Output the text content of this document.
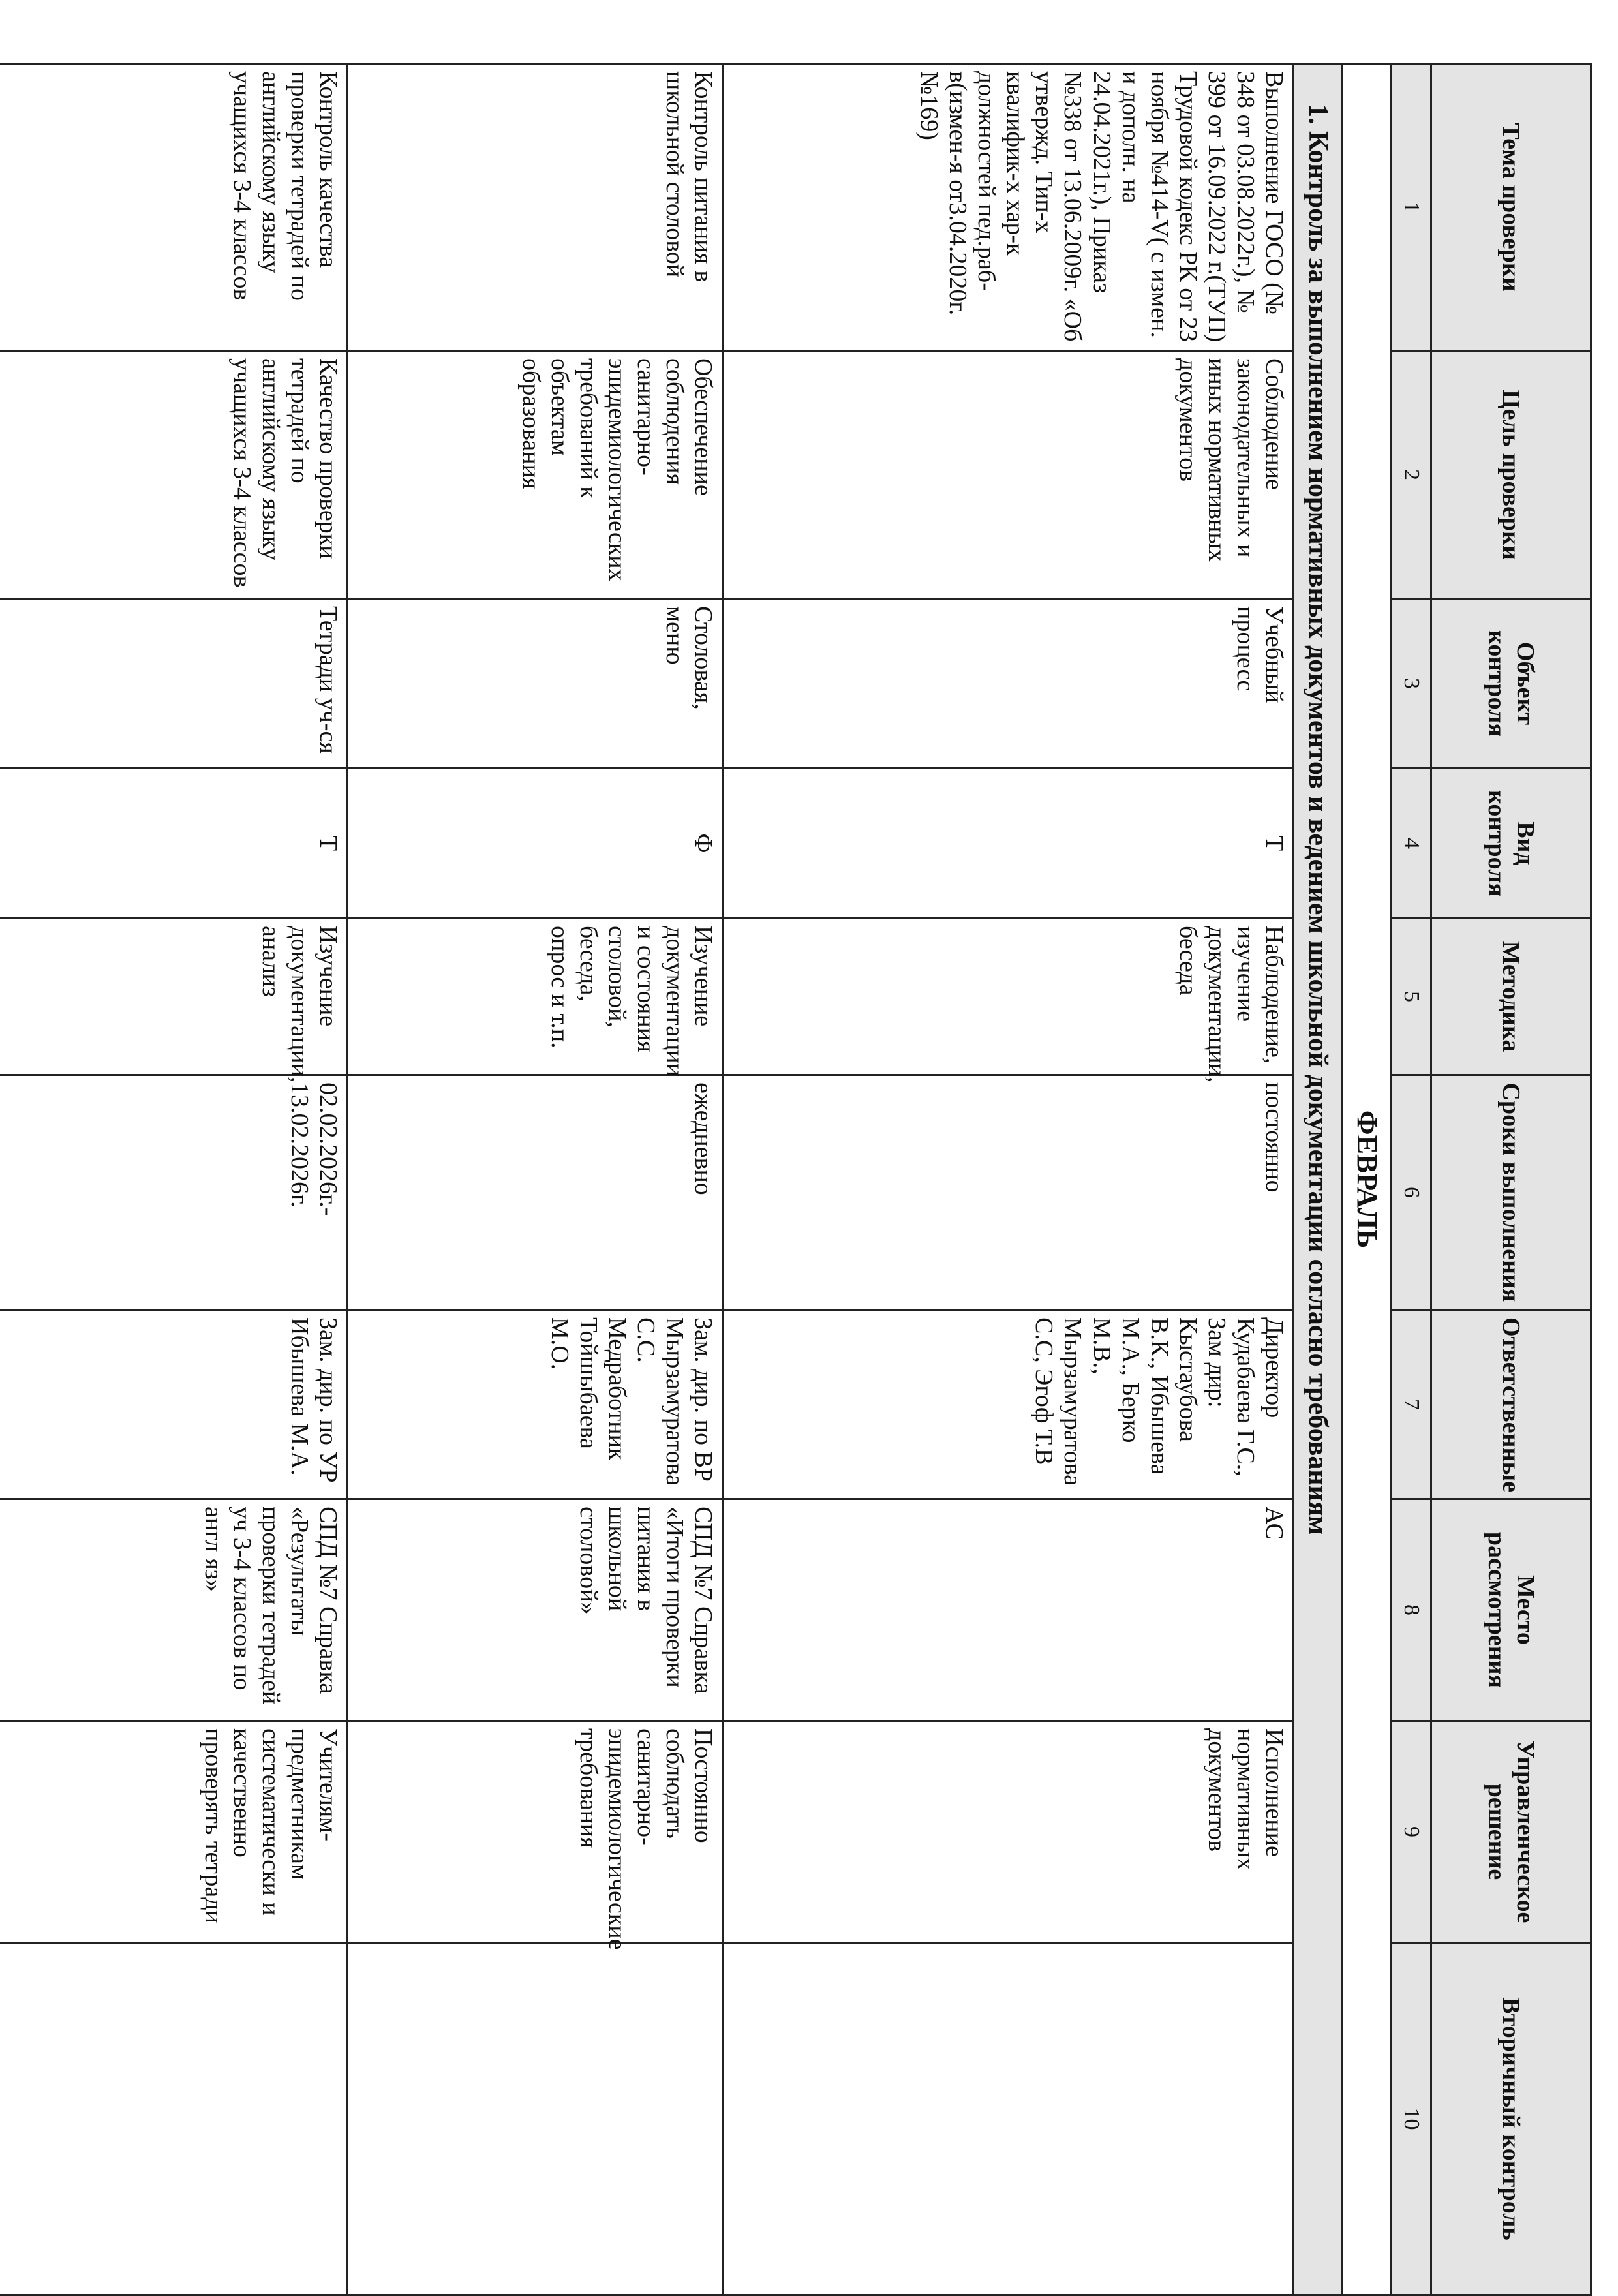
Тема проверки	Цель проверки	Объект контроля	Вид контроля	Методика	Сроки выполнения	Ответственные	Место рассмотрения	Управленческое решение	Вторичный контроль
1	2	3	4	5	6	7	8	9	10
ФЕВРАЛЬ									
1. Контроль за выполнением нормативных документов и ведением школьной документации согласно требованиям									
Выполнение ГОСО (№ 348 от 03.08.2022г.), № 399 от 16.09.2022 г.(ТУП) Трудовой кодекс РК от 23 ноября №414-V( с измен. и дополн. на 24.04.2021г.), Приказ №338 от 13.06.2009г. «Об утвержд. Тип-х квалифик-х хар-к должностей пед.раб-в(измен-я от3.04.2020г.№169)	Соблюдение законодательных и иных нормативных документов	Учебный процесс	Т	Наблюдение, изучение документации, беседа	постоянно	Директор Кудабаева Г.С., Зам дир: Кыстаубова В.К., Ибышева М.А., Берко М.В., Мырзамуратова С.С, Эгоф Т.В	АС	Исполнение нормативных документов	
Контроль питания в школьной столовой	Обеспечение соблюдения санитарно-эпидемиологических требований к объектам образования	Столовая, меню	Ф	Изучение документации и состояния столовой, беседа, опрос и т.п.	ежедневно	Зам. дир. по ВР Мырзамуратова С.С. Медработник Тойшыбаева М.О.	СПД №7 Справка «Итоги проверки питания в школьной столовой»	Постоянно соблюдать санитарно-эпидемиологические требования	
Контроль качества проверки тетрадей по английскому языку учащихся 3-4 классов	Качество проверки тетрадей по английскому языку учащихся 3-4 классов	Тетради уч-ся	Т	Изучение документации, анализ	02.02.2026г.- 13.02.2026г.	Зам. дир. по УР Ибышева М.А.	СПД №7 Справка «Результаты проверки тетрадей уч 3-4 классов по англ яз»	Учителям-предметникам систематически и качественно проверять тетради	
